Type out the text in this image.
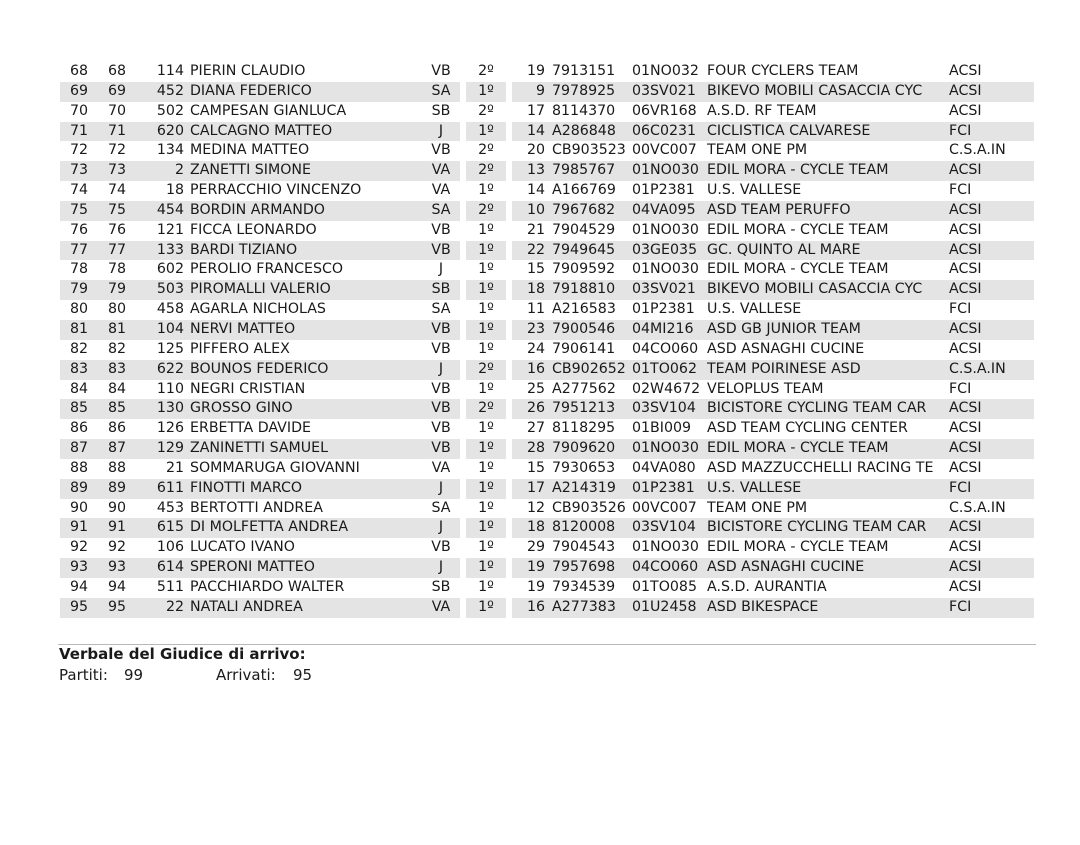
68	68	114	PIERIN CLAUDIO	VB		2º		19	7913151	01NO032	FOUR CYCLERS TEAM	ACSI
69	69	452	DIANA FEDERICO	SA		1º		9	7978925	03SV021	BIKEVO MOBILI CASACCIA CYC	ACSI
70	70	502	CAMPESAN GIANLUCA	SB		2º		17	8114370	06VR168	A.S.D. RF TEAM	ACSI
71	71	620	CALCAGNO MATTEO	J		1º		14	A286848	06C0231	CICLISTICA CALVARESE	FCI
72	72	134	MEDINA MATTEO	VB		2º		20	CB903523	00VC007	TEAM ONE PM	C.S.A.IN
73	73	2	ZANETTI SIMONE	VA		2º		13	7985767	01NO030	EDIL MORA - CYCLE TEAM	ACSI
74	74	18	PERRACCHIO VINCENZO	VA		1º		14	A166769	01P2381	U.S. VALLESE	FCI
75	75	454	BORDIN ARMANDO	SA		2º		10	7967682	04VA095	ASD TEAM PERUFFO	ACSI
76	76	121	FICCA LEONARDO	VB		1º		21	7904529	01NO030	EDIL MORA - CYCLE TEAM	ACSI
77	77	133	BARDI TIZIANO	VB		1º		22	7949645	03GE035	GC. QUINTO AL MARE	ACSI
78	78	602	PEROLIO FRANCESCO	J		1º		15	7909592	01NO030	EDIL MORA - CYCLE TEAM	ACSI
79	79	503	PIROMALLI VALERIO	SB		1º		18	7918810	03SV021	BIKEVO MOBILI CASACCIA CYC	ACSI
80	80	458	AGARLA NICHOLAS	SA		1º		11	A216583	01P2381	U.S. VALLESE	FCI
81	81	104	NERVI MATTEO	VB		1º		23	7900546	04MI216	ASD GB JUNIOR TEAM	ACSI
82	82	125	PIFFERO ALEX	VB		1º		24	7906141	04CO060	ASD ASNAGHI CUCINE	ACSI
83	83	622	BOUNOS FEDERICO	J		2º		16	CB902652	01TO062	TEAM POIRINESE ASD	C.S.A.IN
84	84	110	NEGRI CRISTIAN	VB		1º		25	A277562	02W4672	VELOPLUS TEAM	FCI
85	85	130	GROSSO GINO	VB		2º		26	7951213	03SV104	BICISTORE CYCLING TEAM CAR	ACSI
86	86	126	ERBETTA DAVIDE	VB		1º		27	8118295	01BI009	ASD TEAM CYCLING CENTER	ACSI
87	87	129	ZANINETTI SAMUEL	VB		1º		28	7909620	01NO030	EDIL MORA - CYCLE TEAM	ACSI
88	88	21	SOMMARUGA GIOVANNI	VA		1º		15	7930653	04VA080	ASD MAZZUCCHELLI RACING TE	ACSI
89	89	611	FINOTTI MARCO	J		1º		17	A214319	01P2381	U.S. VALLESE	FCI
90	90	453	BERTOTTI ANDREA	SA		1º		12	CB903526	00VC007	TEAM ONE PM	C.S.A.IN
91	91	615	DI MOLFETTA ANDREA	J		1º		18	8120008	03SV104	BICISTORE CYCLING TEAM CAR	ACSI
92	92	106	LUCATO IVANO	VB		1º		29	7904543	01NO030	EDIL MORA - CYCLE TEAM	ACSI
93	93	614	SPERONI MATTEO	J		1º		19	7957698	04CO060	ASD ASNAGHI CUCINE	ACSI
94	94	511	PACCHIARDO WALTER	SB		1º		19	7934539	01TO085	A.S.D. AURANTIA	ACSI
95	95	22	NATALI ANDREA	VA		1º		16	A277383	01U2458	ASD BIKESPACE	FCI
Verbale del Giudice di arrivo:
Partiti: 99	Arrivati: 95
